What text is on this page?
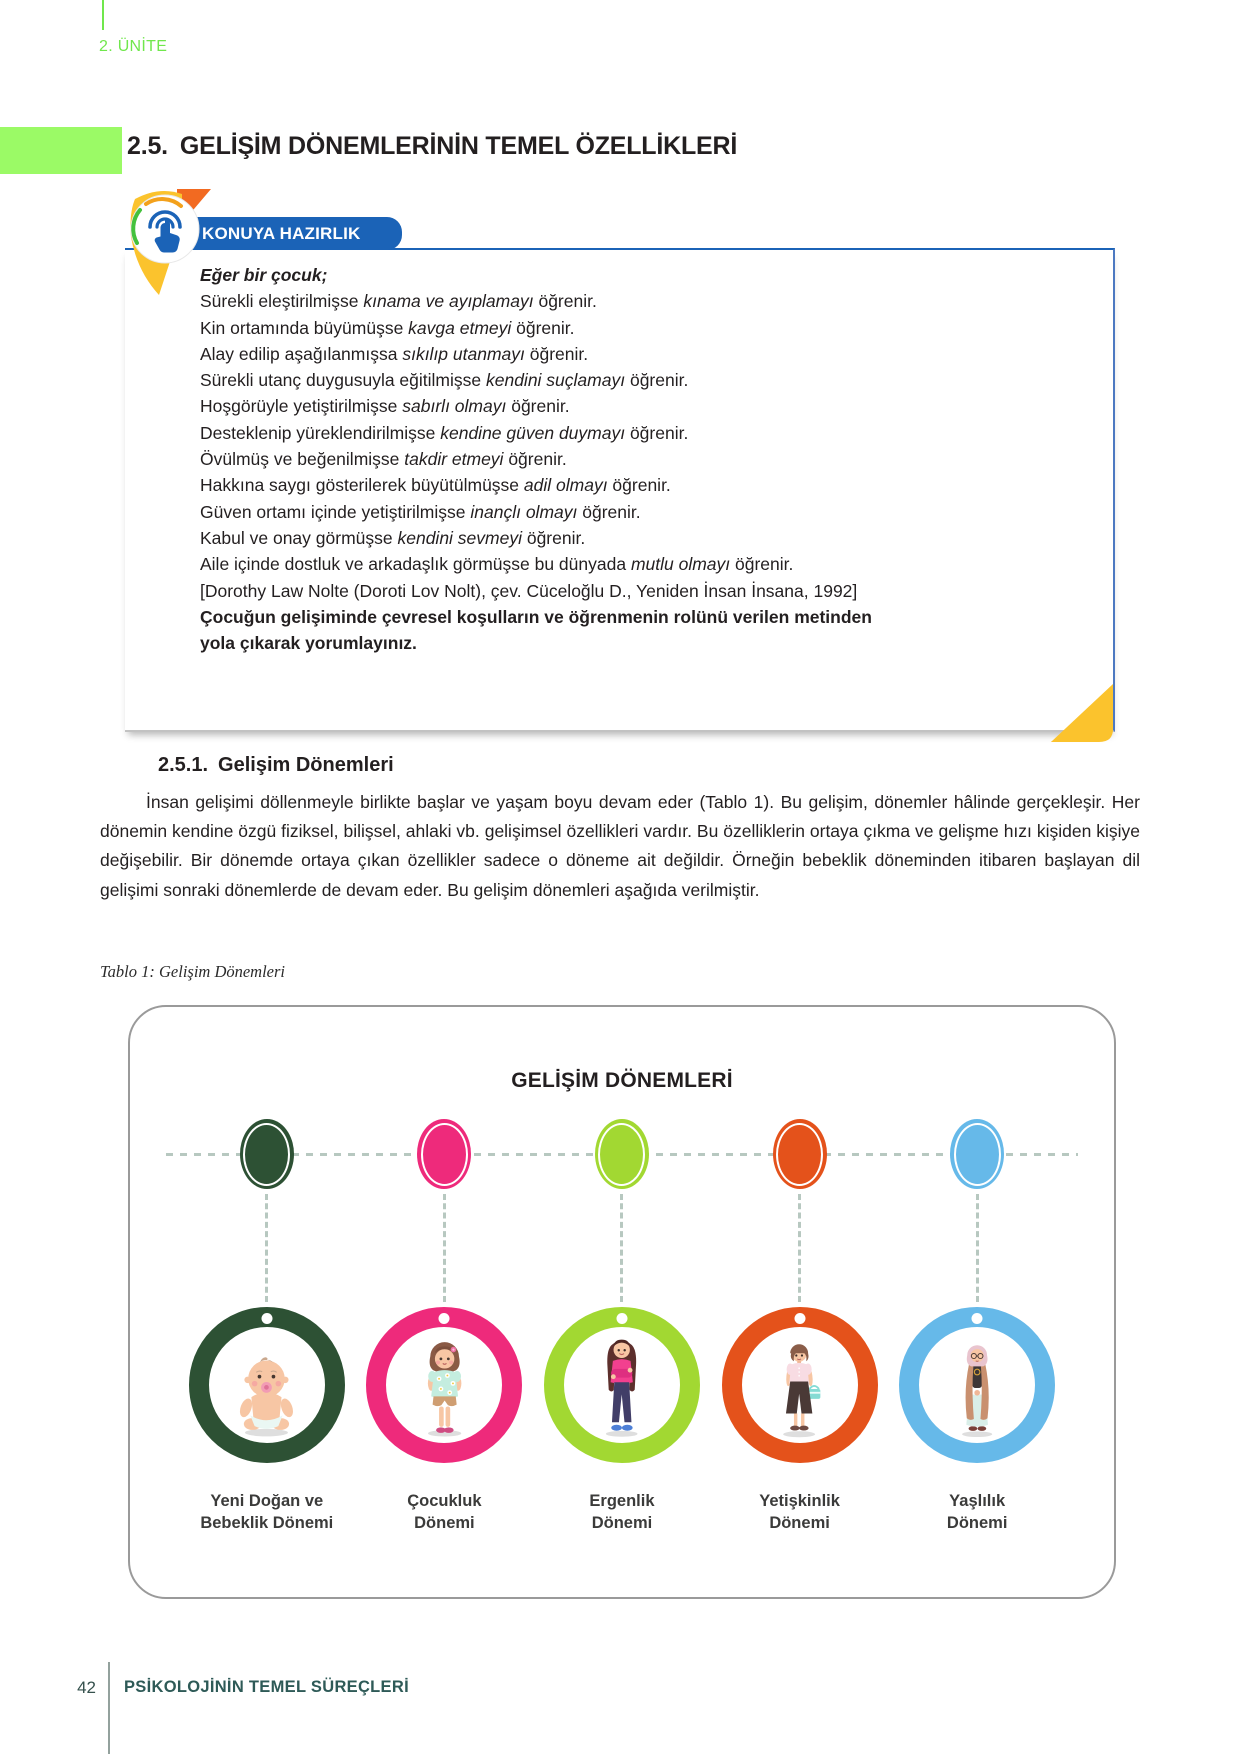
2. ÜNİTE
2.5. GELİŞİM DÖNEMLERİNİN TEMEL ÖZELLİKLERİ
KONUYA HAZIRLIK
Eğer bir çocuk;
Sürekli eleştirilmişse kınama ve ayıplamayı öğrenir.
Kin ortamında büyümüşse kavga etmeyi öğrenir.
Alay edilip aşağılanmışsa sıkılıp utanmayı öğrenir.
Sürekli utanç duygusuyla eğitilmişse kendini suçlamayı öğrenir.
Hoşgörüyle yetiştirilmişse sabırlı olmayı öğrenir.
Desteklenip yüreklendirilmişse kendine güven duymayı öğrenir.
Övülmüş ve beğenilmişse takdir etmeyi öğrenir.
Hakkına saygı gösterilerek büyütülmüşse adil olmayı öğrenir.
Güven ortamı içinde yetiştirilmişse inançlı olmayı öğrenir.
Kabul ve onay görmüşse kendini sevmeyi öğrenir.
Aile içinde dostluk ve arkadaşlık görmüşse bu dünyada mutlu olmayı öğrenir.
[Dorothy Law Nolte (Doroti Lov Nolt), çev. Cüceloğlu D., Yeniden İnsan İnsana, 1992]
Çocuğun gelişiminde çevresel koşulların ve öğrenmenin rolünü verilen metinden yola çıkarak yorumlayınız.
2.5.1. Gelişim Dönemleri
İnsan gelişimi döllenmeyle birlikte başlar ve yaşam boyu devam eder (Tablo 1). Bu gelişim, dönemler hâlinde gerçekleşir. Her dönemin kendine özgü fiziksel, bilişsel, ahlaki vb. gelişimsel özellikleri vardır. Bu özelliklerin ortaya çıkma ve gelişme hızı kişiden kişiye değişebilir. Bir dönemde ortaya çıkan özellikler sadece o döneme ait değildir. Örneğin bebeklik döneminden itibaren başlayan dil gelişimi sonraki dönemlerde de devam eder. Bu gelişim dönemleri aşağıda verilmiştir.
Tablo 1: Gelişim Dönemleri
GELİŞİM DÖNEMLERİ
Yeni Doğan ve
Bebeklik Dönemi
Çocukluk
Dönemi
Ergenlik
Dönemi
Yetişkinlik
Dönemi
Yaşlılık
Dönemi
42 PSİKOLOJİNİN TEMEL SÜREÇLERİ
